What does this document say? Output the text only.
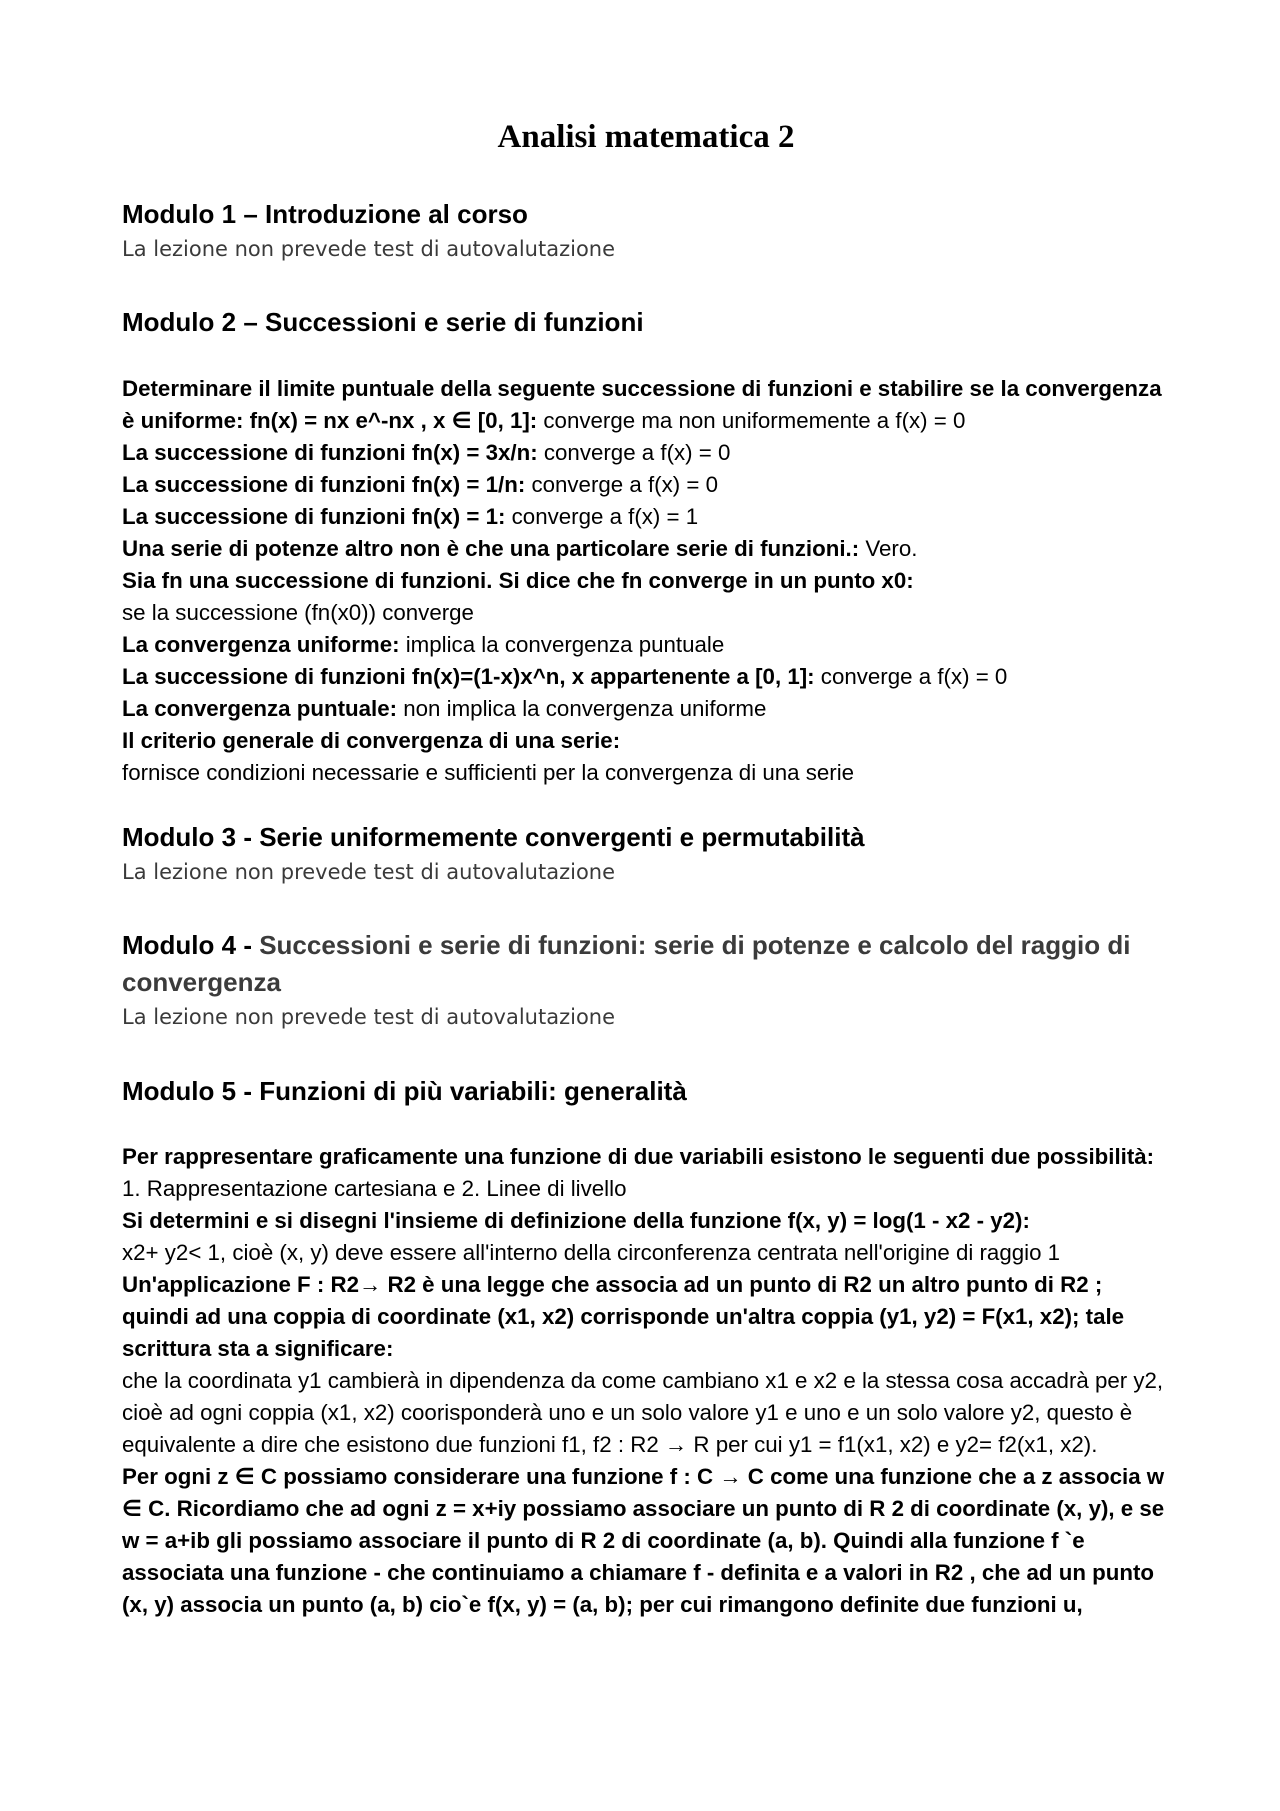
Analisi matematica 2
Modulo 1 – Introduzione al corso

La lezione non prevede test di autovalutazione

Modulo 2 – Successioni e serie di funzioni

Determinare il limite puntuale della seguente successione di funzioni e stabilire se la convergenza è uniforme: fn(x) = nx e^-nx , x ∈ [0, 1]: converge ma non uniformemente a f(x) = 0

La successione di funzioni fn(x) = 3x/n: converge a f(x) = 0

La successione di funzioni fn(x) = 1/n: converge a f(x) = 0

La successione di funzioni fn(x) = 1: converge a f(x) = 1

Una serie di potenze altro non è che una particolare serie di funzioni.: Vero.

Sia fn una successione di funzioni. Si dice che fn converge in un punto x0:

se la successione (fn(x0)) converge

La convergenza uniforme: implica la convergenza puntuale

La successione di funzioni fn(x)=(1-x)x^n, x appartenente a [0, 1]: converge a f(x) = 0

La convergenza puntuale: non implica la convergenza uniforme

Il criterio generale di convergenza di una serie:

fornisce condizioni necessarie e sufficienti per la convergenza di una serie

Modulo 3 - Serie uniformemente convergenti e permutabilità

La lezione non prevede test di autovalutazione

Modulo 4 - Successioni e serie di funzioni: serie di potenze e calcolo del raggio di convergenza

La lezione non prevede test di autovalutazione

Modulo 5 - Funzioni di più variabili: generalità

Per rappresentare graficamente una funzione di due variabili esistono le seguenti due possibilità:

1. Rappresentazione cartesiana e 2. Linee di livello

Si determini e si disegni l'insieme di definizione della funzione f(x, y) = log(1 - x2 - y2):

x2+ y2< 1, cioè (x, y) deve essere all'interno della circonferenza centrata nell'origine di raggio 1

Un'applicazione F : R2→ R2 è una legge che associa ad un punto di R2 un altro punto di R2 ; quindi ad una coppia di coordinate (x1, x2) corrisponde un'altra coppia (y1, y2) = F(x1, x2); tale scrittura sta a significare:

che la coordinata y1 cambierà in dipendenza da come cambiano x1 e x2 e la stessa cosa accadrà per y2, cioè ad ogni coppia (x1, x2) coorisponderà uno e un solo valore y1 e uno e un solo valore y2, questo è equivalente a dire che esistono due funzioni f1, f2 : R2 → R per cui y1 = f1(x1, x2) e y2= f2(x1, x2).

Per ogni z ∈ C possiamo considerare una funzione f : C → C come una funzione che a z associa w ∈ C. Ricordiamo che ad ogni z = x+iy possiamo associare un punto di R 2 di coordinate (x, y), e se w = a+ib gli possiamo associare il punto di R 2 di coordinate (a, b). Quindi alla funzione f `e associata una funzione - che continuiamo a chiamare f - definita e a valori in R2 , che ad un punto (x, y) associa un punto (a, b) cio`e f(x, y) = (a, b); per cui rimangono definite due funzioni u,
